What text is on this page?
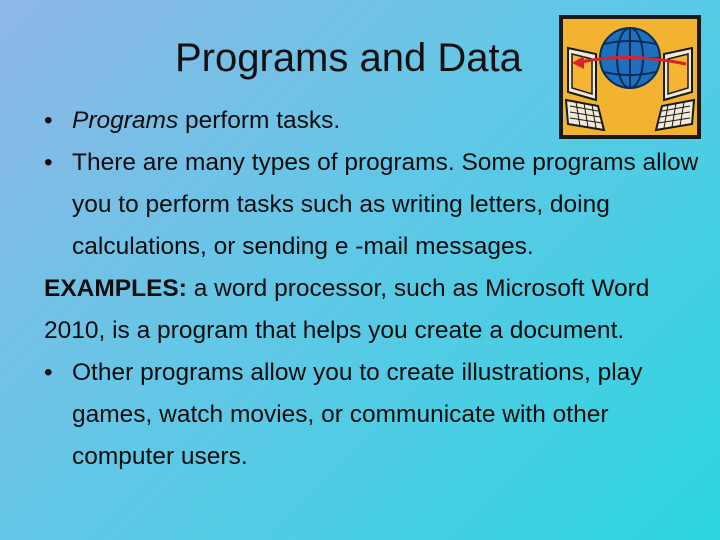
Programs and Data

• Programs perform tasks.

• There are many types of programs. Some programs allow you to perform tasks such as writing letters, doing calculations, or sending e -mail messages.

EXAMPLES: a word processor, such as Microsoft Word 2010, is a program that helps you create a document.

• Other programs allow you to create illustrations, play games, watch movies, or communicate with other computer users.
